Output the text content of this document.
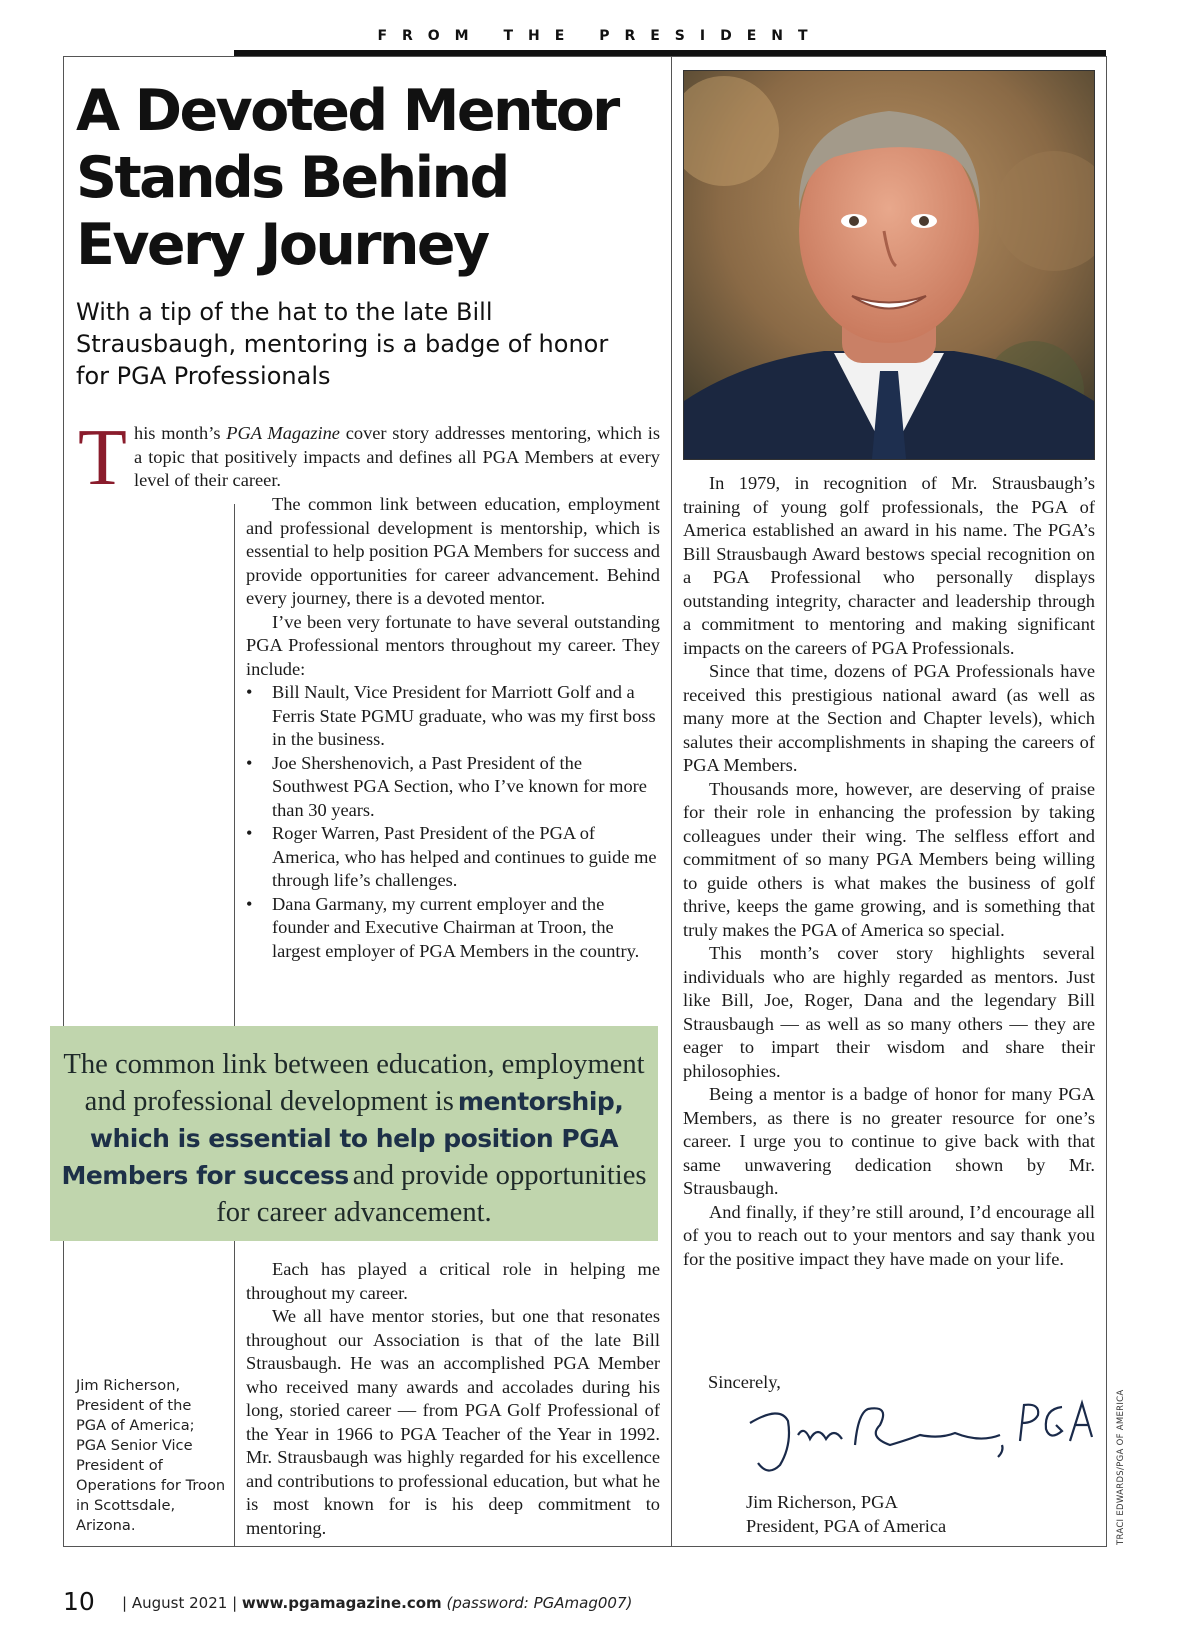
FROM THE PRESIDENT
A Devoted Mentor Stands Behind Every Journey

With a tip of the hat to the late Bill Strausbaugh, mentoring is a badge of honor for PGA Professionals

T his month’s PGA Magazine cover story addresses mentoring, which is a topic that positively impacts and defines all PGA Members at every level of their career.

The common link between education, employment and professional development is mentorship, which is essential to help position PGA Members for success and provide opportunities for career advancement. Behind every journey, there is a devoted mentor.

I’ve been very fortunate to have several outstanding PGA Professional mentors throughout my career. They include:

• Bill Nault, Vice President for Marriott Golf and a Ferris State PGMU graduate, who was my first boss in the business.
• Joe Shershenovich, a Past President of the Southwest PGA Section, who I’ve known for more than 30 years.
• Roger Warren, Past President of the PGA of America, who has helped and continues to guide me through life’s challenges.
• Dana Garmany, my current employer and the founder and Executive Chairman at Troon, the largest employer of PGA Members in the country.
The common link between education, employment and professional development is mentorship, which is essential to help position PGA Members for success and provide opportunities for career advancement.

Each has played a critical role in helping me throughout my career.

We all have mentor stories, but one that resonates throughout our Association is that of the late Bill Strausbaugh. He was an accomplished PGA Member who received many awards and accolades during his long, storied career — from PGA Golf Professional of the Year in 1966 to PGA Teacher of the Year in 1992. Mr. Strausbaugh was highly regarded for his excellence and contributions to professional education, but what he is most known for is his deep commitment to mentoring.

Jim Richerson, President of the PGA of America; PGA Senior Vice President of Operations for Troon in Scottsdale, Arizona.

In 1979, in recognition of Mr. Strausbaugh’s training of young golf professionals, the PGA of America established an award in his name. The PGA’s Bill Strausbaugh Award bestows special recognition on a PGA Professional who personally displays outstanding integrity, character and leadership through a commitment to mentoring and making significant impacts on the careers of PGA Professionals.

Since that time, dozens of PGA Professionals have received this prestigious national award (as well as many more at the Section and Chapter levels), which salutes their accomplishments in shaping the careers of PGA Members.

Thousands more, however, are deserving of praise for their role in enhancing the profession by taking colleagues under their wing. The selfless effort and commitment of so many PGA Members being willing to guide others is what makes the business of golf thrive, keeps the game growing, and is something that truly makes the PGA of America so special.

This month’s cover story highlights several individuals who are highly regarded as mentors. Just like Bill, Joe, Roger, Dana and the legendary Bill Strausbaugh — as well as so many others — they are eager to impart their wisdom and share their philosophies.

Being a mentor is a badge of honor for many PGA Members, as there is no greater resource for one’s career. I urge you to continue to give back with that same unwavering dedication shown by Mr. Strausbaugh.

And finally, if they’re still around, I’d encourage all of you to reach out to your mentors and say thank you for the positive impact they have made on your life.

Sincerely,
Jim Richerson, PGA
President, PGA of America	TRACI EDWARDS/PGA OF AMERICA
10 | August 2021 | www.pgamagazine.com (password: PGAmag007)
